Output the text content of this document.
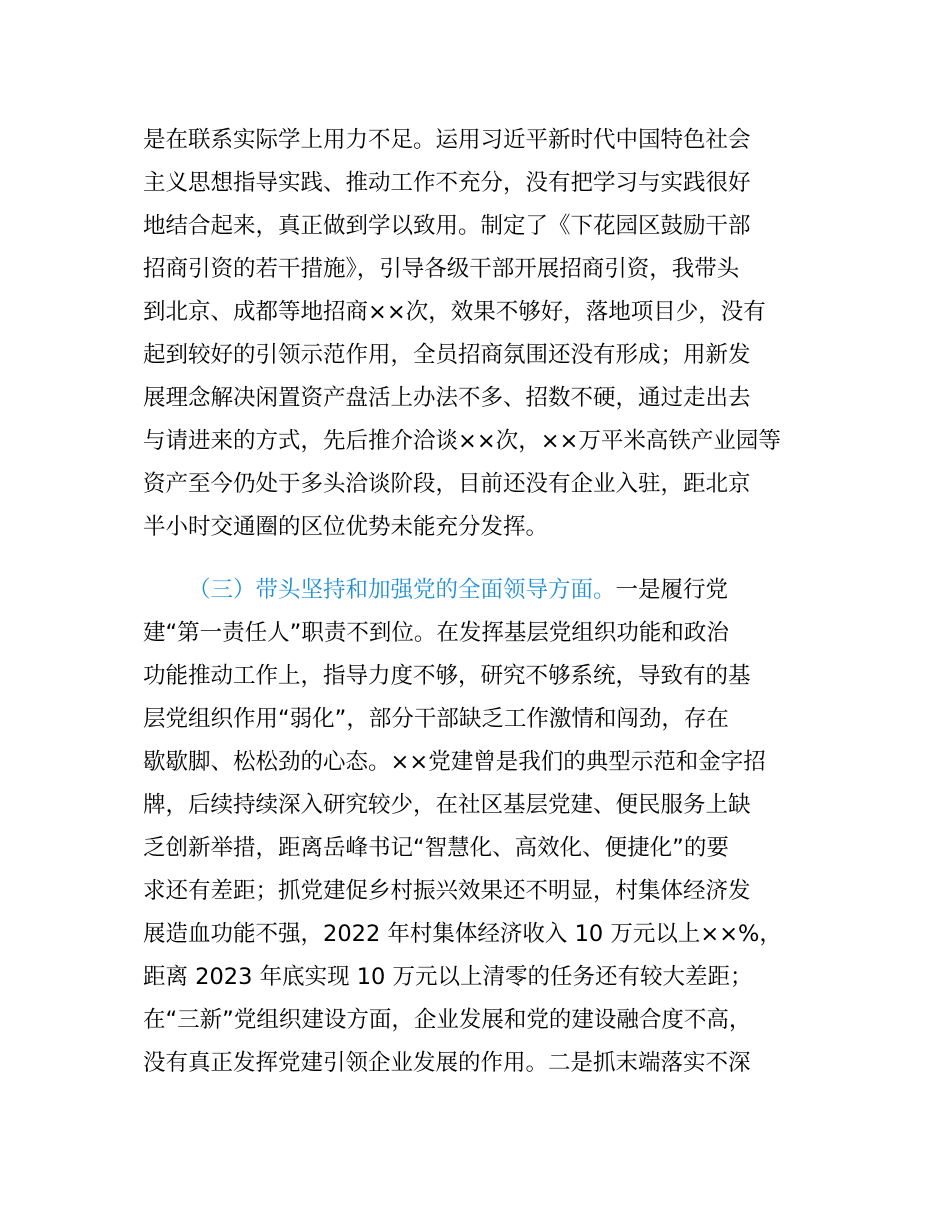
是在联系实际学上用力不足。运用习近平新时代中国特色社会
主义思想指导实践、推动工作不充分，没有把学习与实践很好
地结合起来，真正做到学以致用。制定了《下花园区鼓励干部
招商引资的若干措施》，引导各级干部开展招商引资，我带头
到北京、成都等地招商××次，效果不够好，落地项目少，没有
起到较好的引领示范作用，全员招商氛围还没有形成；用新发
展理念解决闲置资产盘活上办法不多、招数不硬，通过走出去
与请进来的方式，先后推介洽谈××次，××万平米高铁产业园等
资产至今仍处于多头洽谈阶段，目前还没有企业入驻，距北京
半小时交通圈的区位优势未能充分发挥。
（三）带头坚持和加强党的全面领导方面。一是履行党
建“第一责任人”职责不到位。在发挥基层党组织功能和政治
功能推动工作上，指导力度不够，研究不够系统，导致有的基
层党组织作用“弱化”，部分干部缺乏工作激情和闯劲，存在
歇歇脚、松松劲的心态。××党建曾是我们的典型示范和金字招
牌，后续持续深入研究较少，在社区基层党建、便民服务上缺
乏创新举措，距离岳峰书记“智慧化、高效化、便捷化”的要
求还有差距；抓党建促乡村振兴效果还不明显，村集体经济发
展造血功能不强，2022 年村集体经济收入 10 万元以上××%，
距离 2023 年底实现 10 万元以上清零的任务还有较大差距；
在“三新”党组织建设方面，企业发展和党的建设融合度不高，
没有真正发挥党建引领企业发展的作用。二是抓末端落实不深
